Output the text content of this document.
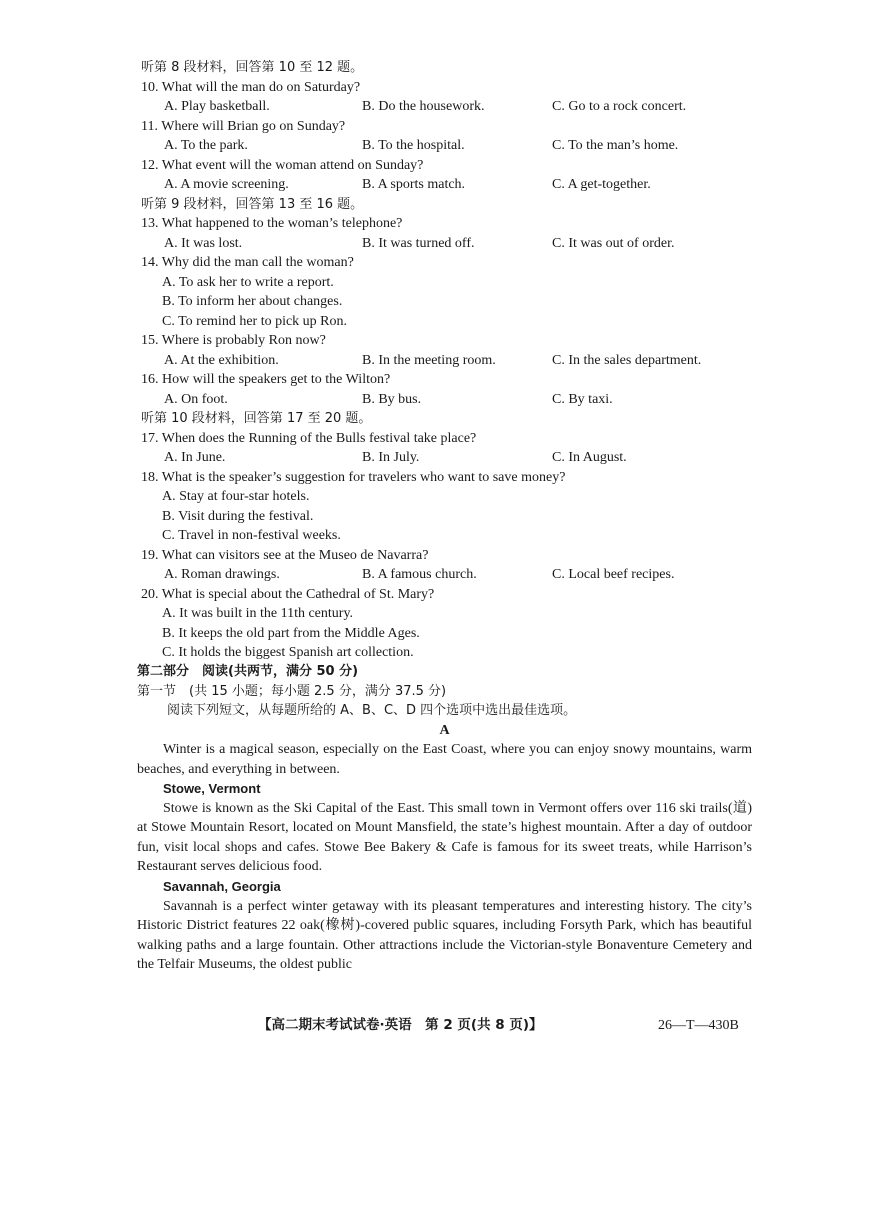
听第 8 段材料，回答第 10 至 12 题。
10. What will the man do on Saturday?
A. Play basketball.	B. Do the housework.	C. Go to a rock concert.
11. Where will Brian go on Sunday?
A. To the park.	B. To the hospital.	C. To the man’s home.
12. What event will the woman attend on Sunday?
A. A movie screening.	B. A sports match.	C. A get-together.
听第 9 段材料，回答第 13 至 16 题。
13. What happened to the woman’s telephone?
A. It was lost.	B. It was turned off.	C. It was out of order.
14. Why did the man call the woman?
A. To ask her to write a report.
B. To inform her about changes.
C. To remind her to pick up Ron.
15. Where is probably Ron now?
A. At the exhibition.	B. In the meeting room.	C. In the sales department.
16. How will the speakers get to the Wilton?
A. On foot.	B. By bus.	C. By taxi.
听第 10 段材料，回答第 17 至 20 题。
17. When does the Running of the Bulls festival take place?
A. In June.	B. In July.	C. In August.
18. What is the speaker’s suggestion for travelers who want to save money?
A. Stay at four-star hotels.
B. Visit during the festival.
C. Travel in non-festival weeks.
19. What can visitors see at the Museo de Navarra?
A. Roman drawings.	B. A famous church.	C. Local beef recipes.
20. What is special about the Cathedral of St. Mary?
A. It was built in the 11th century.
B. It keeps the old part from the Middle Ages.
C. It holds the biggest Spanish art collection.
第二部分　阅读(共两节，满分 50 分)
第一节　(共 15 小题；每小题 2.5 分，满分 37.5 分)
阅读下列短文，从每题所给的 A、B、C、D 四个选项中选出最佳选项。
A
Winter is a magical season, especially on the East Coast, where you can enjoy snowy mountains, warm beaches, and everything in between.
Stowe, Vermont
Stowe is known as the Ski Capital of the East. This small town in Vermont offers over 116 ski trails(道) at Stowe Mountain Resort, located on Mount Mansfield, the state’s highest mountain. After a day of outdoor fun, visit local shops and cafes. Stowe Bee Bakery & Cafe is famous for its sweet treats, while Harrison’s Restaurant serves delicious food.
Savannah, Georgia
Savannah is a perfect winter getaway with its pleasant temperatures and interesting history. The city’s Historic District features 22 oak(橡树)-covered public squares, including Forsyth Park, which has beautiful walking paths and a large fountain. Other attractions include the Victorian-style Bonaventure Cemetery and the Telfair Museums, the oldest public
【高二期末考试试卷·英语　第 2 页(共 8 页)】	26—T—430B
